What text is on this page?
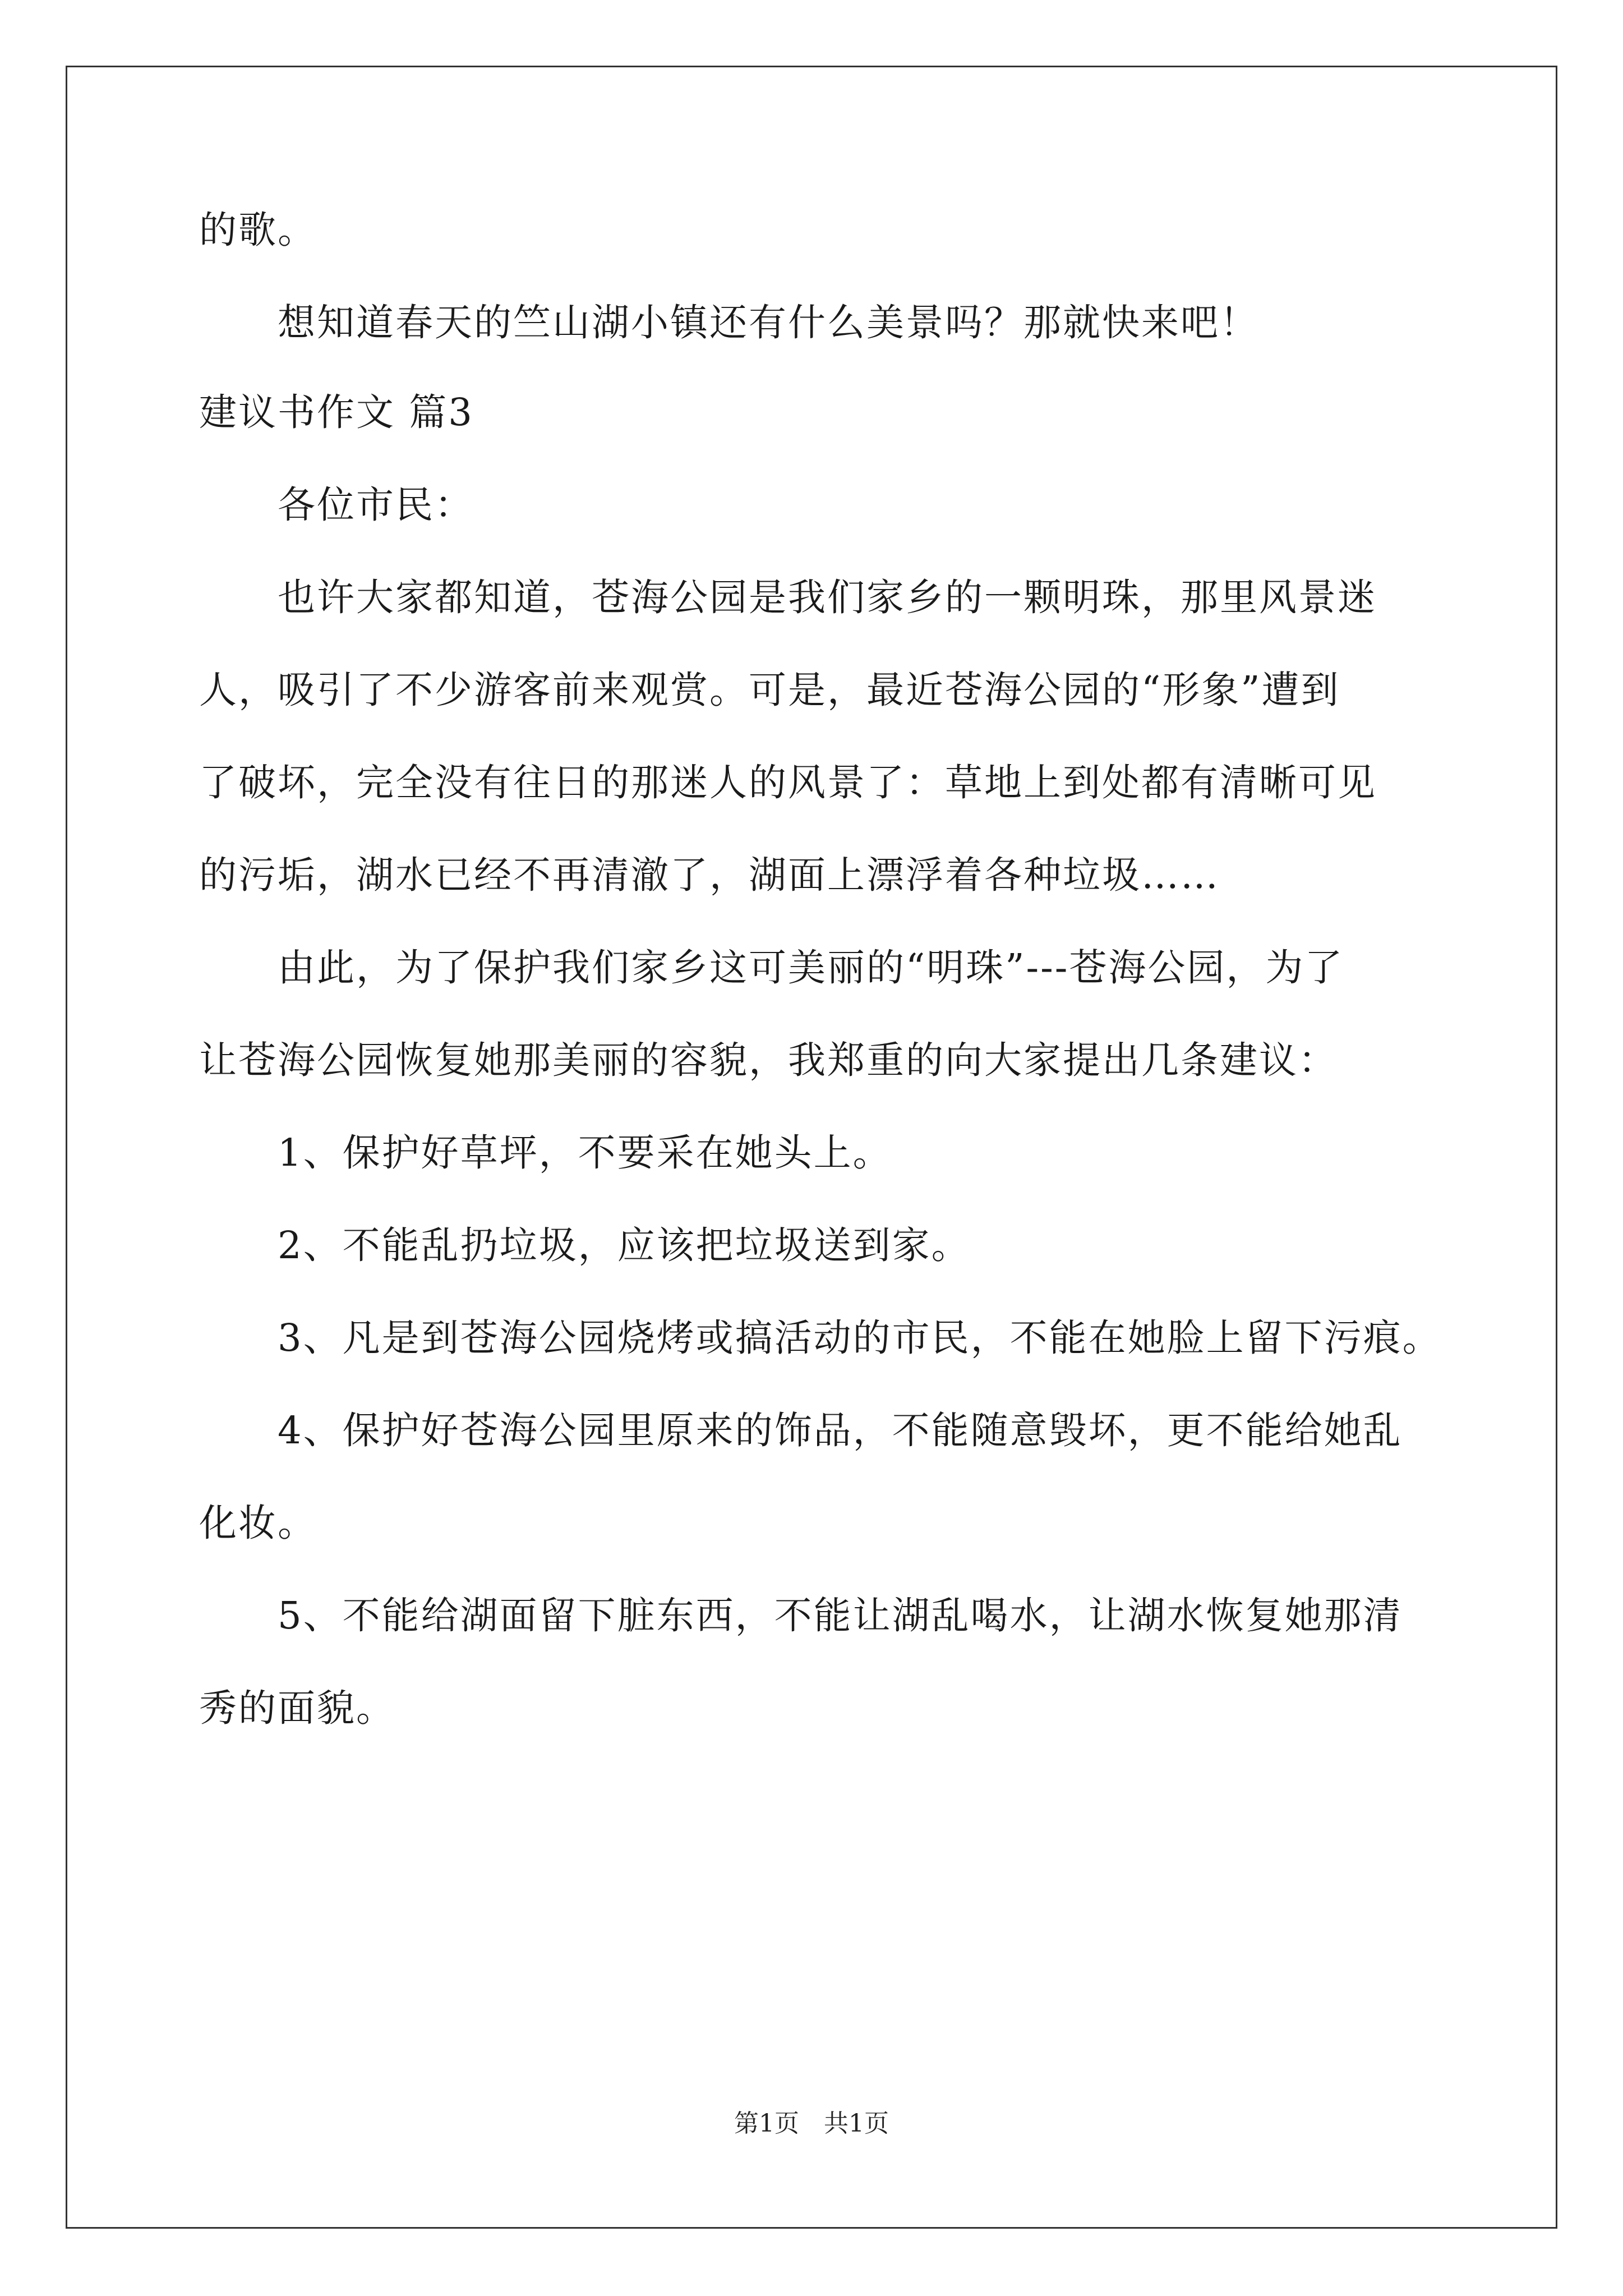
的歌。
　　想知道春天的竺山湖小镇还有什么美景吗？那就快来吧！
建议书作文 篇3
　　各位市民：
　　也许大家都知道，苍海公园是我们家乡的一颗明珠，那里风景迷
人，吸引了不少游客前来观赏。可是，最近苍海公园的“形象”遭到
了破坏，完全没有往日的那迷人的风景了：草地上到处都有清晰可见
的污垢，湖水已经不再清澈了，湖面上漂浮着各种垃圾……
　　由此，为了保护我们家乡这可美丽的“明珠”---苍海公园，为了
让苍海公园恢复她那美丽的容貌，我郑重的向大家提出几条建议：
　　1、保护好草坪，不要采在她头上。
　　2、不能乱扔垃圾，应该把垃圾送到家。
　　3、凡是到苍海公园烧烤或搞活动的市民，不能在她脸上留下污痕。
　　4、保护好苍海公园里原来的饰品，不能随意毁坏，更不能给她乱
化妆。
　　5、不能给湖面留下脏东西，不能让湖乱喝水，让湖水恢复她那清
秀的面貌。
第1页　共1页
